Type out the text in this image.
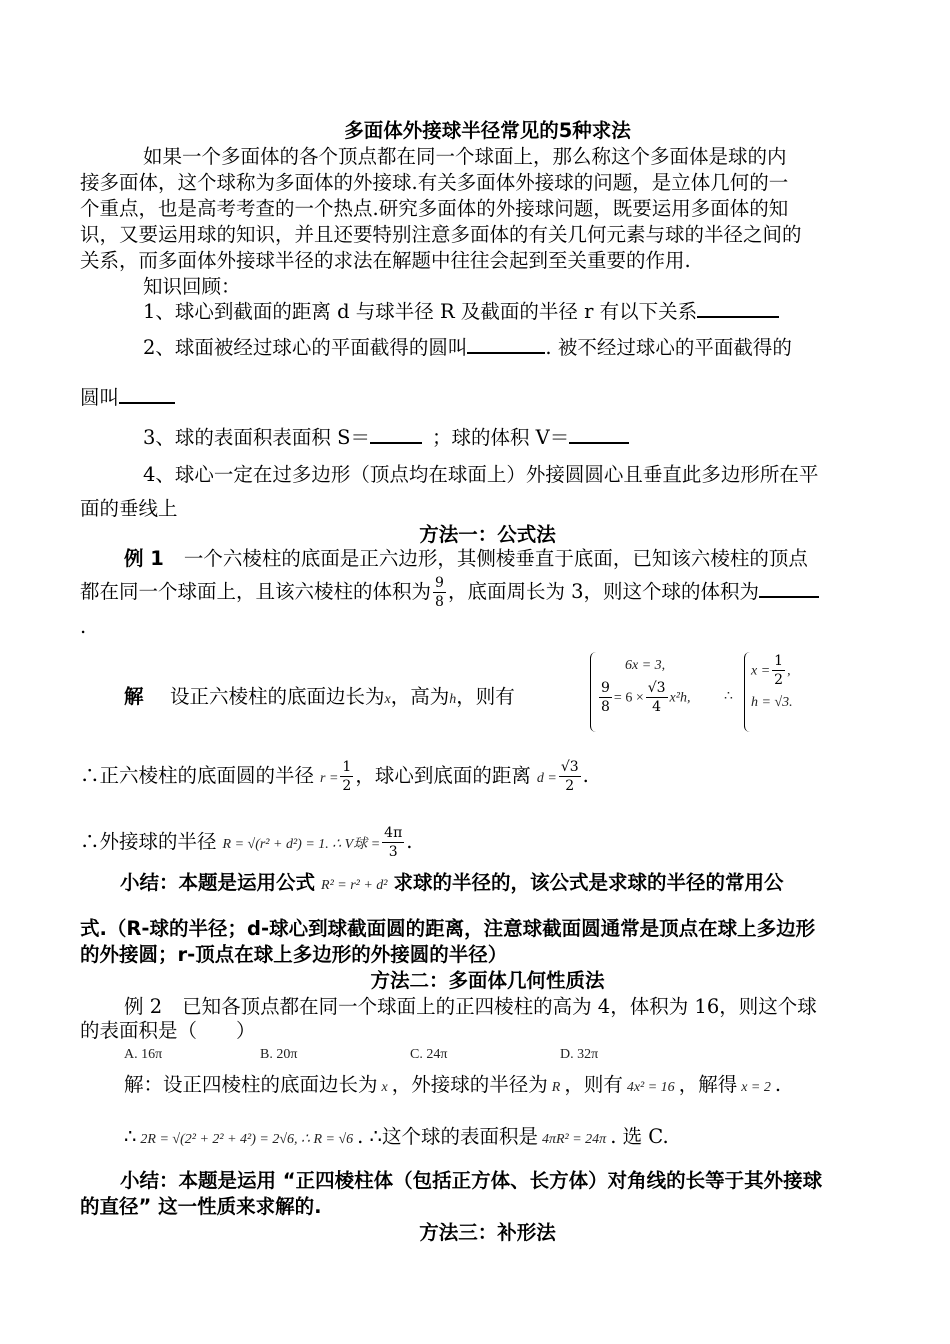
多面体外接球半径常见的5种求法
如果一个多面体的各个顶点都在同一个球面上，那么称这个多面体是球的内
接多面体，这个球称为多面体的外接球.有关多面体外接球的问题，是立体几何的一
个重点，也是高考考查的一个热点.研究多面体的外接球问题，既要运用多面体的知
识，又要运用球的知识，并且还要特别注意多面体的有关几何元素与球的半径之间的
关系，而多面体外接球半径的求法在解题中往往会起到至关重要的作用.
知识回顾：
1、球心到截面的距离 d 与球半径 R 及截面的半径 r 有以下关系
2、球面被经过球心的平面截得的圆叫	. 被不经过球心的平面截得的
圆叫
3、球的表面积表面积 S＝	；球的体积 V＝
4、球心一定在过多边形（顶点均在球面上）外接圆圆心且垂直此多边形所在平
面的垂线上
方法一：公式法
例 1 一个六棱柱的底面是正六边形，其侧棱垂直于底面，已知该六棱柱的顶点
都在同一个球面上，且该六棱柱的体积为 $\frac{9}{8}$ ，底面周长为 3，则这个球的体积为
.
解 设正六棱柱的底面边长为x，高为h，则有
6x = 3,
$\frac{9}{8} = 6 \times \frac{√3}{4} x^2h$, ∴
$x = \frac{1}{2}$ ,
h = √3.
∴正六棱柱的底面圆的半径 $r = \frac{1}{2}$ ，球心到底面的距离 $d = \frac{√3}{2}$ .
∴外接球的半径 R = √(r² + d²) = 1. ∴ V球 = $\frac{4\pi}{3}$ .
小结：本题是运用公式 R² = r² + d² 求球的半径的，该公式是求球的半径的常用公
式.（R-球的半径；d-球心到球截面圆的距离，注意球截面圆通常是顶点在球上多边形
的外接圆；r-顶点在球上多边形的外接圆的半径）
方法二：多面体几何性质法
例 2 已知各顶点都在同一个球面上的正四棱柱的高为 4，体积为 16，则这个球
的表面积是（　　）
A. 16π	B. 20π	C. 24π	D. 32π
解：设正四棱柱的底面边长为 x ，外接球的半径为 R ，则有 4x² = 16 ，解得 x = 2 .
∴ 2R = √(2² + 2² + 4²) = 2√6, ∴ R = √6 . ∴这个球的表面积是 4πR² = 24π . 选 C.
小结：本题是运用 “正四棱柱体（包括正方体、长方体）对角线的长等于其外接球
的直径” 这一性质来求解的.
方法三：补形法
